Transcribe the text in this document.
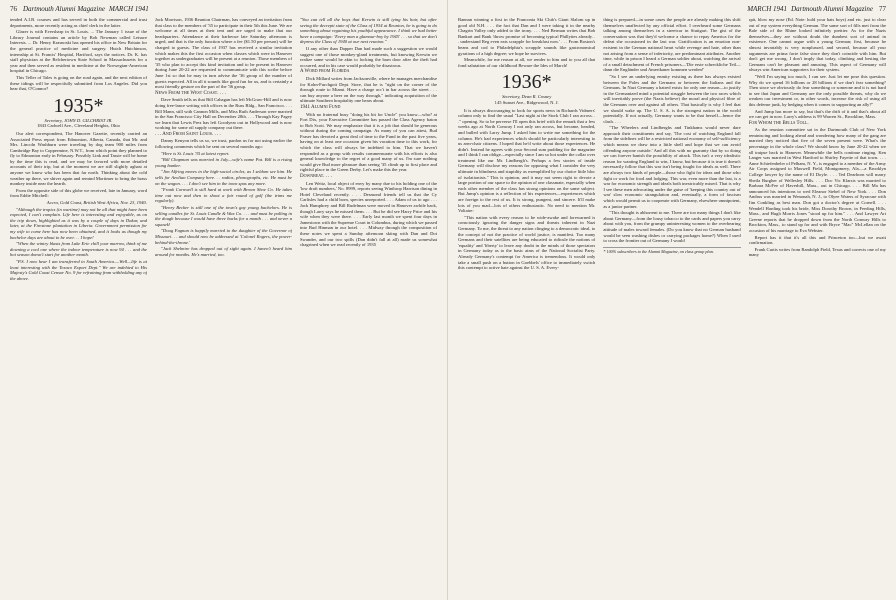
76 Dartmouth Alumni Magazine MARCH 1941

tended A.I.B. courses and has served in both the commercial and trust departments, more recently acting as chief clerk in the latter.

Glazer is with Eversharp in St. Louis. ... The January 1 issue of the Library Journal contains an article by Bob Newman called Leisure Interests. ... Dr. Henry Krasnoski has opened his office in New Britain for the general practice of medicine and surgery. Hutch Hutchinson, internship at St. Francis' Hospital, Hartford, says the notices. Dr. K. has staff physician at the Belchertown State School in Massachusetts for a year and then served as resident in medicine at the Norwegian-American hospital in Chicago.

This Teller of Tales is going on the road again, and the next edition of these tidings will be respectfully submitted from Los Angeles. Did you hear that, O'Connor?

1935*
Secretary, JOHN D. GILCHRIST JR.
1843 Cadwell Ave., Cleveland Heights, Ohio

Our alert correspondent, The Hanover Gazette, recently carried an Associated Press report from Edmonton, Alberta, Canada, that Mr. and Mrs. Lincoln Washburn were traveling by dog team 900 miles from Cambridge Bay to Coppermine, N.W.T., from which point they planned to fly to Edmonton early in February. Possibly Link and Tassie will be home by the time this is read, and we may be favored with more detailed accounts of their trip, but at the moment we are still slightly aghast at anyone we know who has been that far north. Thinking about the cold weather up there, we shiver again and remind Mortimer to bring the brass monkey inside near the hearth.

From the opposite side of this globe we received, late in January, word from Eddie Mitchell:

Accra, Gold Coast, British West Africa, Nov. 23, 1940.

"Although the tropics (in wartime) may not be all that might have been expected, I can't complain. Life here is interesting and enjoyable, as on the trip down, highlighted as it was by a couple of days in Dakar, and later, at the Firestone plantation in Liberia. Government permission for my wife to come here has now been obtained, and it looks as though my bachelor days are about to be over. . . I hope!

"When the wintry blasts from Lake Erie chill your marrow, think of me downing a cool one where the indoor temperature is now 94 . . . and the hot season doesn't start for another month.

"P.S. I now hear I am transferred to South America.—Well—life is at least interesting with the Texaco Export Dept." We are indebted to His Majesty's Gold Coast Censor No. 9 for refraining from withholding any of the above.

Jack Morrison, 1936 Reunion Chairman, has conveyed an invitation from that class to the members of '35 to participate in their 5th this June. We are welcome at all times at their tent and are urged to make that our headquarters. Attendance at their barbecue late Saturday afternoon is urged, and that is the only function where a fee ($1.50 per person) will be charged to guests. The class of 1937 has received a similar invitation which makes this the first occasion when classes which were in Hanover together as undergraduates will be present at a reunion. Those members of '35 who plan to accept this kind invitation and to be present in Hanover during June 20-22 are requested to communicate with this scribe before June 1st so that he may in turn advise the '36 group of the number of guests expected. All in all it sounds like good fun for us, and is certainly a most friendly gesture on the part of the '36 group.

News From the West Coast. . . .

Dave Smith tells us that Bill Cahagan has left McGraw-Hill and is now doing free-lance writing with offices in the Russ Bldg., San Francisco. . . . Bill Mann, still with Cannon Mills, and Miss Ruth Anderson were married in the San Francisco City Hall on December 28th. . . . Through Kay Pagey we learn that Lewis Prex has left Goodyear out in Hollywood and is now working for some oil supply company out there.

. . . And From Saint Louis. . . .

Danny Kenyon tells us so, we trust, pardon us for not using earlier the following comments which he sent on several months ago:

"Here is St. Louis '35 at latest report.

"Bill Chapman was married in July—wife's name Pat. Bill is a rising young banker.

"Jim Alfring moves in the high-social circles, as I seldom see him. He sells for Aeolian Company here. . . radios, phonographs, etc. He must be on the wagon. . . . I don't see him in the town spas any more.

"Frank Cornwell is still hard at work with Brown Shoe Co. He takes time out now and then to shoot a fair round of golf (the trims me regularly).

"Henry Becker is still one of the town's gay young bachelors. He is selling candles for St. Louis Candle & Wax Co. . . . and must be pulling in the dough because I would have three bucks for a month . . . and never a squawk!

"Doug Fagnan is happily married to the daughter of the Governor of Missouri. . . and should now be addressed at 'Colonel Rogers, the power-behind-the-throne.'

"Jack Shelmire has dropped out of sight again. I haven't heard him around for months. He's married, too.

"You can tell all the boys that Kerwin is still tying his hair, but after seeing the decrepit state of the Class of 1934 at Reunion, he is going to do something about regaining his youthful appearance. I think we had better have a campaign: 'Every man a glamour-boy by 1945' . . . so that we don't depress the Class of 1940 at our next reunion."

If any other than Dapper Dan had made such a suggestion we would suggest one of those monkey-gland treatments, but knowing Kerwin we realize same would be akin to locking the barn door after the theft had occurred, and in his case would probably be disastrous.

A Word from Florida

Dick Millard writes from Jacksonville, where he manages merchandise for Kohn-Furchgott Dept. Store, that he is "right on the corner of the through route to Miami. Have a charge acc't in bar across the street . . . can buy anyone a beer on the way through," indicating acquisition of the ultimate Southern hospitality one hears about.

1941 Alumni Fund

With no fraternal busy "doing his bit for Uncle" you know—who? at Fort Dix, your Executive Committee has passed the Class Agency baton to Bob Scott. We may emphasize that it is a job that should be generous without during the coming campaign. As many of you can attest, Bud Fraser has devoted a great deal of time to the Fund in the past five years, having on at least one occasion given his vacation time to this work, for which the class will always be indebted to him. That we haven't responded as a group with results commensurate with his efforts is also general knowledge to the regret of a good many of us. I'm sure nothing would give Bud more pleasure than seeing '35 climb up to first place and rightful place in the Green Derby. Let's make this the year.

Downbeat. . . .

Len Weitz, local object of envy by many due to his holding one of the 'low draft numbers,' No. 8999, reports seeing Winthrop Harrison dining in Hotel Cleveland recently. . . . Desmond friends tell us that the Cy Carlisles had a child born, species unreported. . . . Adam of us to ago . . . Jack Humphrey and Bill Rudelman were moved in Hanover awhile back, though Larry says he missed them. . . . But he did see Harry Price and his wife when they were there. . . . Early last month we spent four days in Jamestown with the Supreme Court in Columbus, during which we passed into Bud Hinman in our hotel. . . . Midway through the composition of these notes we spent a Sunday afternoon skiing with Dan and Dot Swander, and our two spills (Dan didn't fall at all) made us somewhat chagrined when we read recently of 1935

MARCH 1941 Dartmouth Alumni Magazine 77

Bannan winning a first in the Franconia Ski Club's Giant Slalom up in good old N.H. . . . the fact that Dan and I were taking it in the nearby Chagrin Valley only added to the irony. . . . Ned Berman writes that Bob Bankart and Bank 'throw promise of becoming typical Phillyites already. . . understand Reg even eats scrapple for breakfast now.' . . . From Boston's beans and cod to Philadelphia's scrapple sounds like gastronomical gyrations of a high degree; we hope he survives.

Meanwhile, for me reason at all, we render to him and to you all that fond salutation of our childhood Beware the Ides of March!

1936*
Secretary, Dean R. Cosney
145 Sunset Ave., Ridgewood, N. J.

It is always discouraging to look for sports news in Richards Vidmers' column only to find the usual "Last night at the Stork Club I ran across. . ." opening. So to be perverse I'll open this brief with the remark that a few weeks ago at North Conway I not only ran across, but became, headed, and bulled with Larry Jump. I asked him to write me something for the column. He's had experiences which should be particularly interesting to us arm-chair citizens. I hoped that he'd write about those experiences. He didn't. Instead he agrees with your Second sum pudding for the magazine and I think I can oblige—especially since I am so hot under the collar over treatment like our Mr. Lindbergh's. Perhaps a few stories of inside Germany will disclose my reasons for opposing what I consider the very ultimate in blindness and stupidity as exemplified by our choice little bloc of isolationists." This is opinion, and it may not seem right to devote a large portion of our space to the opinion of one classmate, especially when each other member of the class has strong opinions on the same subject. But Jump's opinion is a reflection of his experiences—experiences which are foreign to the rest of us. It is strong, pungent, and sincere. It'll make lots of you mad—lots of others enthusiastic. No need to mention Mr. Voltaire:

"This nation with every reason to be wide-awake and forewarned is consciously ignoring the danger signs and threats inherent in Nazi Germany. To me, the threat to any nation clinging to a democratic ideal, to the concept of not the practice of world justice, is manifest. Too many Germans and their satellites are being educated to ridicule the notions of 'equality' and 'liberty' to leave any doubt in the minds of those spectators in Germany today as to the basic aims of the National Socialist Party. Already Germany's contempt for America is tremendous. It would only take a small push on a button in Goebbels' office to immediately switch this contempt to active hate against the U. S. A. Every-

thing is prepared—in some cases the people are already making this shift themselves unaffected by any official effort. I overheard some Germans talking among themselves in a streetcar in Stuttgart. The gist of the conversation was that they'd welcome a chance to repay America for the defeat she occasioned in the last war. Gratification is an emotion non-existent in the German national heart while revenge and hate, other than not arising from a sense of inferiority, are predominant attributes. Another time, while in prison I heard a German soldier about, watching the arrival of a small detachment of French prisoners—'Die erste schreckliche Teil—dann die Engländer und Amerikaner kommen werden!'

"So I see an underlying enmity existing as there has always existed between the Poles and the Germans or between the Italians and the Germans. In Nazi Germany a hatred exists for only one reason—to justify in the Germanized mind a potential struggle between the two races which will inevitably prove (the Nazis believe) the moral and physical fibre of the Germans over and against all others. That basically is why I feel that we should wake up. The U. S. A. is the strongest nation in the world potentially. If not actually, Germany wants to be that herself—hence the clash. . . .

"The Wheelers and Lindberghs and Tinkhams would never dare approach their constituents and say, 'The cost of watching England fall from the sidelines will be a restricted national economy of self-sufficiency which means we draw into a little shell and hope that we can avoid offending anyone outside.' And all this with no guaranty that by so doing we can forever banish the possibility of attack. This isn't a very idealistic reason for wanting England to win, I know, but because it is true it doesn't necessarily follow that this war isn't being fought for ideals as well. There are always two kinds of people—those who fight for ideas and those who fight or work for food and lodging. This war, even more than the last, is a war for economic strength and ideals both inextricably mixed. That is why I see these men advocating under the guise of 'keeping this country out of war' slow economic strangulation and, eventually, a form of fascism which would permit us to cooperate with Germany, elsewhere omnipotent, as a junior partner.

"This thought is abhorrent to me. There are too many things I don't like about Germany—from the lousy tobacco to the cards and papers you carry about with you, from the grumpy uninteresting women to the overbearing attitude of males toward females. (Do you know that no German husband would be seen washing dishes or carrying packages home?) When I used to cross the frontier out of Germany I would

* 100% subscribers to the Alumni Magazine, on class group plan.

spit, blow my nose (Ed. Note: hold your hats boys) and etc. just to clear out of my system everything German. The same sort of fills met from the Bale side of the Rhine looked infinitely prettier. As for the Nazis themselves—they are without doubt the dumbest sort of animal in existence. One cannot argue with a young German; first, because he almost invariably is very nonplussed, and second, because all your arguments are prima facie false since they don't coincide with him. But don't get me wrong, I don't imply that today, climbing and besting the Germans can't be pleasant and amusing. This aspect of Germany will always win American supporters for their system.

"Well I'm saying too much, I can see. Just let me pose this question. Why do we spend 16 billions or 28 billions if we don't fear something? Then since we obviously do fear something or someone and it is not hard to see that Japan and Germany are the only possible threats, why do we weaken our investment or, in other words, increase the risk of using all this defense junk, by hedging when it comes to supporting an ally?"

And Jump has more to say, but that's the drift of it and that's about all we can get in now. Larry's address is 99 Warren St., Brookline, Mass.

For Whom the Bells Toll.

As the reunion committee sat in the Dartmouth Club of New York reminiscing and looking ahead and wondering how many of the gang are married they noticed that five of the seven present were. What's the percentage in the whole class? We should know by June 20-22 when we all traipse back to Hanover. Meanwhile the bells continue ringing. Ken Langer was married in West Hartford to Shirley Fayette of that town. . . . Anne Schiefenbeler of Pelham, N. Y., is engaged to a member of the Army Air Corps assigned to Maxwell Field, Montgomery, Ala.—a Brooklyn College lawyer by the name of El Doyle. . . . Ted Dearborn will marry Sheila Burgher of Wellesley Hills. . . . Doc Vic Klarsis was married to Barbara McFee of Haverhill, Mass., out in Chicago. . . . Bill Ma has announced his intentions to wed Eleanor Siebel of New York. . . . Don Andrus was married in Wenonah, N. J., to Olyee Waters of Syracuse with Jim Conkling as best man. Don got a doctor's degree at Cornell. . . . Wendell Harding took his bride, Miss Dorothy Brown, in Feeding Hills, Mass., and Hugh Morris Jones "stood up for him." . . . And Lawyer Art Greene reports that he dropped down from the North Conway Hills to Brockton, Mass., to stand up for and with Bryce "Mac" McLellan on the occasion of his marriage to Eva Webster.

Report has it that it's all this and Princeton too—but we await confirmation.

Frank Curtis writes from Randolph Field, Texas and corrects one of my many
